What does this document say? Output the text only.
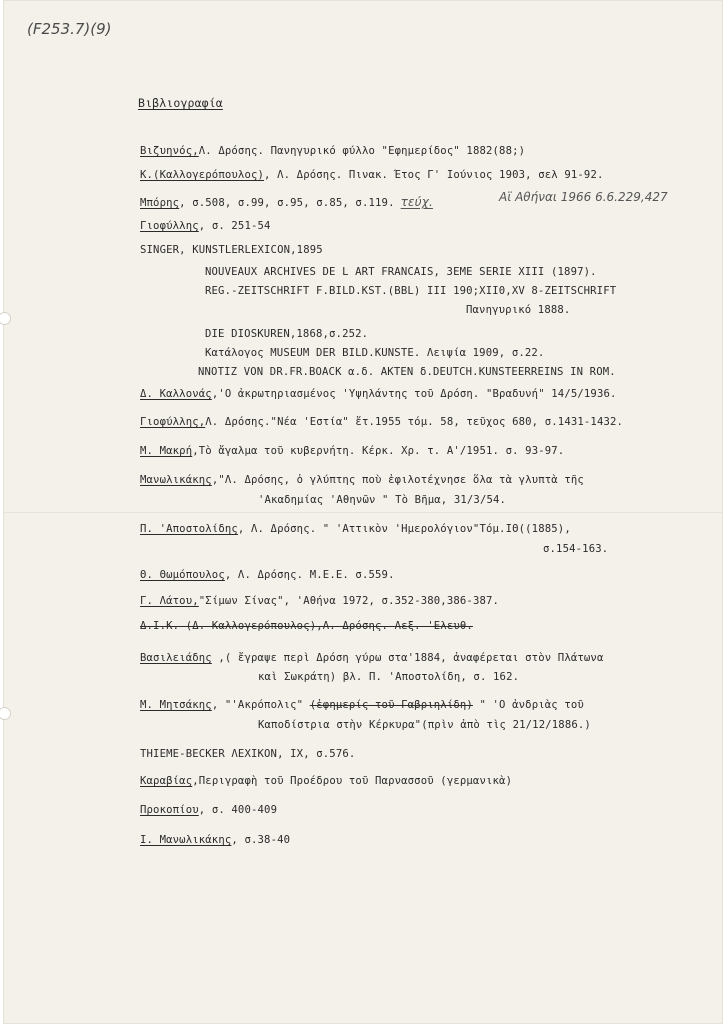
(F253.7)(9)
Βιβλιογραφία
Βιζυηνός,Λ. Δρόσης. Πανηγυρικό φύλλο "Εφημερίδος" 1882(88;)
Κ.(Καλλογερόπουλος), Λ. Δρόσης. Πινακ. Έτος Γ' Ιούνιος 1903, σελ 91-92.
Μπόρης, σ.508, σ.99, σ.95, σ.85, σ.119. τεύχ.	Αϊ Αθήναι 1966 6.6.229,427
Γιοφύλλης, σ. 251-54
SINGER, KUNSTLERLEXICON,1895
NOUVEAUX ARCHIVES DE L ART FRANCAIS, 3EME SERIE XIII (1897).
REG.-ZEITSCHRIFT F.BILD.KST.(BBL) III 190;XII0,XV 8-ZEITSCHRIFT
Πανηγυρικό 1888.
DIE DIOSKUREN,1868,σ.252.
Κατάλογος MUSEUM DER BILD.KUNSTE. Λειψία 1909, σ.22.
NNOTIZ VON DR.FR.BOACK α.δ. AKTEN δ.DEUTCH.KUNSTEERREINS IN ROM.
Δ. Καλλονάς,'Ο ἀκρωτηριασμένος 'Υψηλάντης τοῦ Δρόση. "Βραδυνή" 14/5/1936.
Γιοφύλλης,Λ. Δρόσης."Νέα 'Εστία" ἔτ.1955 τόμ. 58, τεῦχος 680, σ.1431-1432.
Μ. Μακρή,Τὸ ἄγαλμα τοῦ κυβερνήτη. Κέρκ. Χρ. τ. Α'/1951. σ. 93-97.
Μανωλικάκης,"Λ. Δρόσης, ὁ γλύπτης ποὺ ἐφιλοτέχνησε ὅλα τὰ γλυπτὰ τῆς
'Ακαδημίας 'Αθηνῶν " Τὸ Βῆμα, 31/3/54.
Π. 'Αποστολίδης, Λ. Δρόσης. " 'Αττικὸν 'Ημερολόγιον"Τόμ.ΙΘ((1885),
σ.154-163.
Θ. Θωμόπουλος, Λ. Δρόσης. Μ.Ε.Ε. σ.559.
Γ. Λάτου,"Σίμων Σίνας", 'Αθήνα 1972, σ.352-380,386-387.
Δ.Ι.Κ. (Δ. Καλλογερόπουλος),Λ. Δρόσης. Λεξ. 'Ελευθ.
Βασιλειάδης ,( ἔγραψε περὶ Δρόση γύρω στα'1884, ἀναφέρεται στὸν Πλάτωνα
καὶ Σωκράτη) βλ. Π. 'Αποστολίδη, σ. 162.
Μ. Μητσάκης, "'Ακρόπολις" (ἐφημερίς τοῦ Γαβριηλίδη) " 'Ο ἀνδριὰς τοῦ
Καποδίστρια στὴν Κέρκυρα"(πρὶν ἀπὸ τὶς 21/12/1886.)
THIEME-BECKER ΛΕΧΙΚΟΝ, IX, σ.576.
Καραβίας,Περιγραφὴ τοῦ Προέδρου τοῦ Παρνασσοῦ (γερμανικὰ)
Προκοπίου, σ. 400-409
Ι. Μανωλικάκης, σ.38-40
